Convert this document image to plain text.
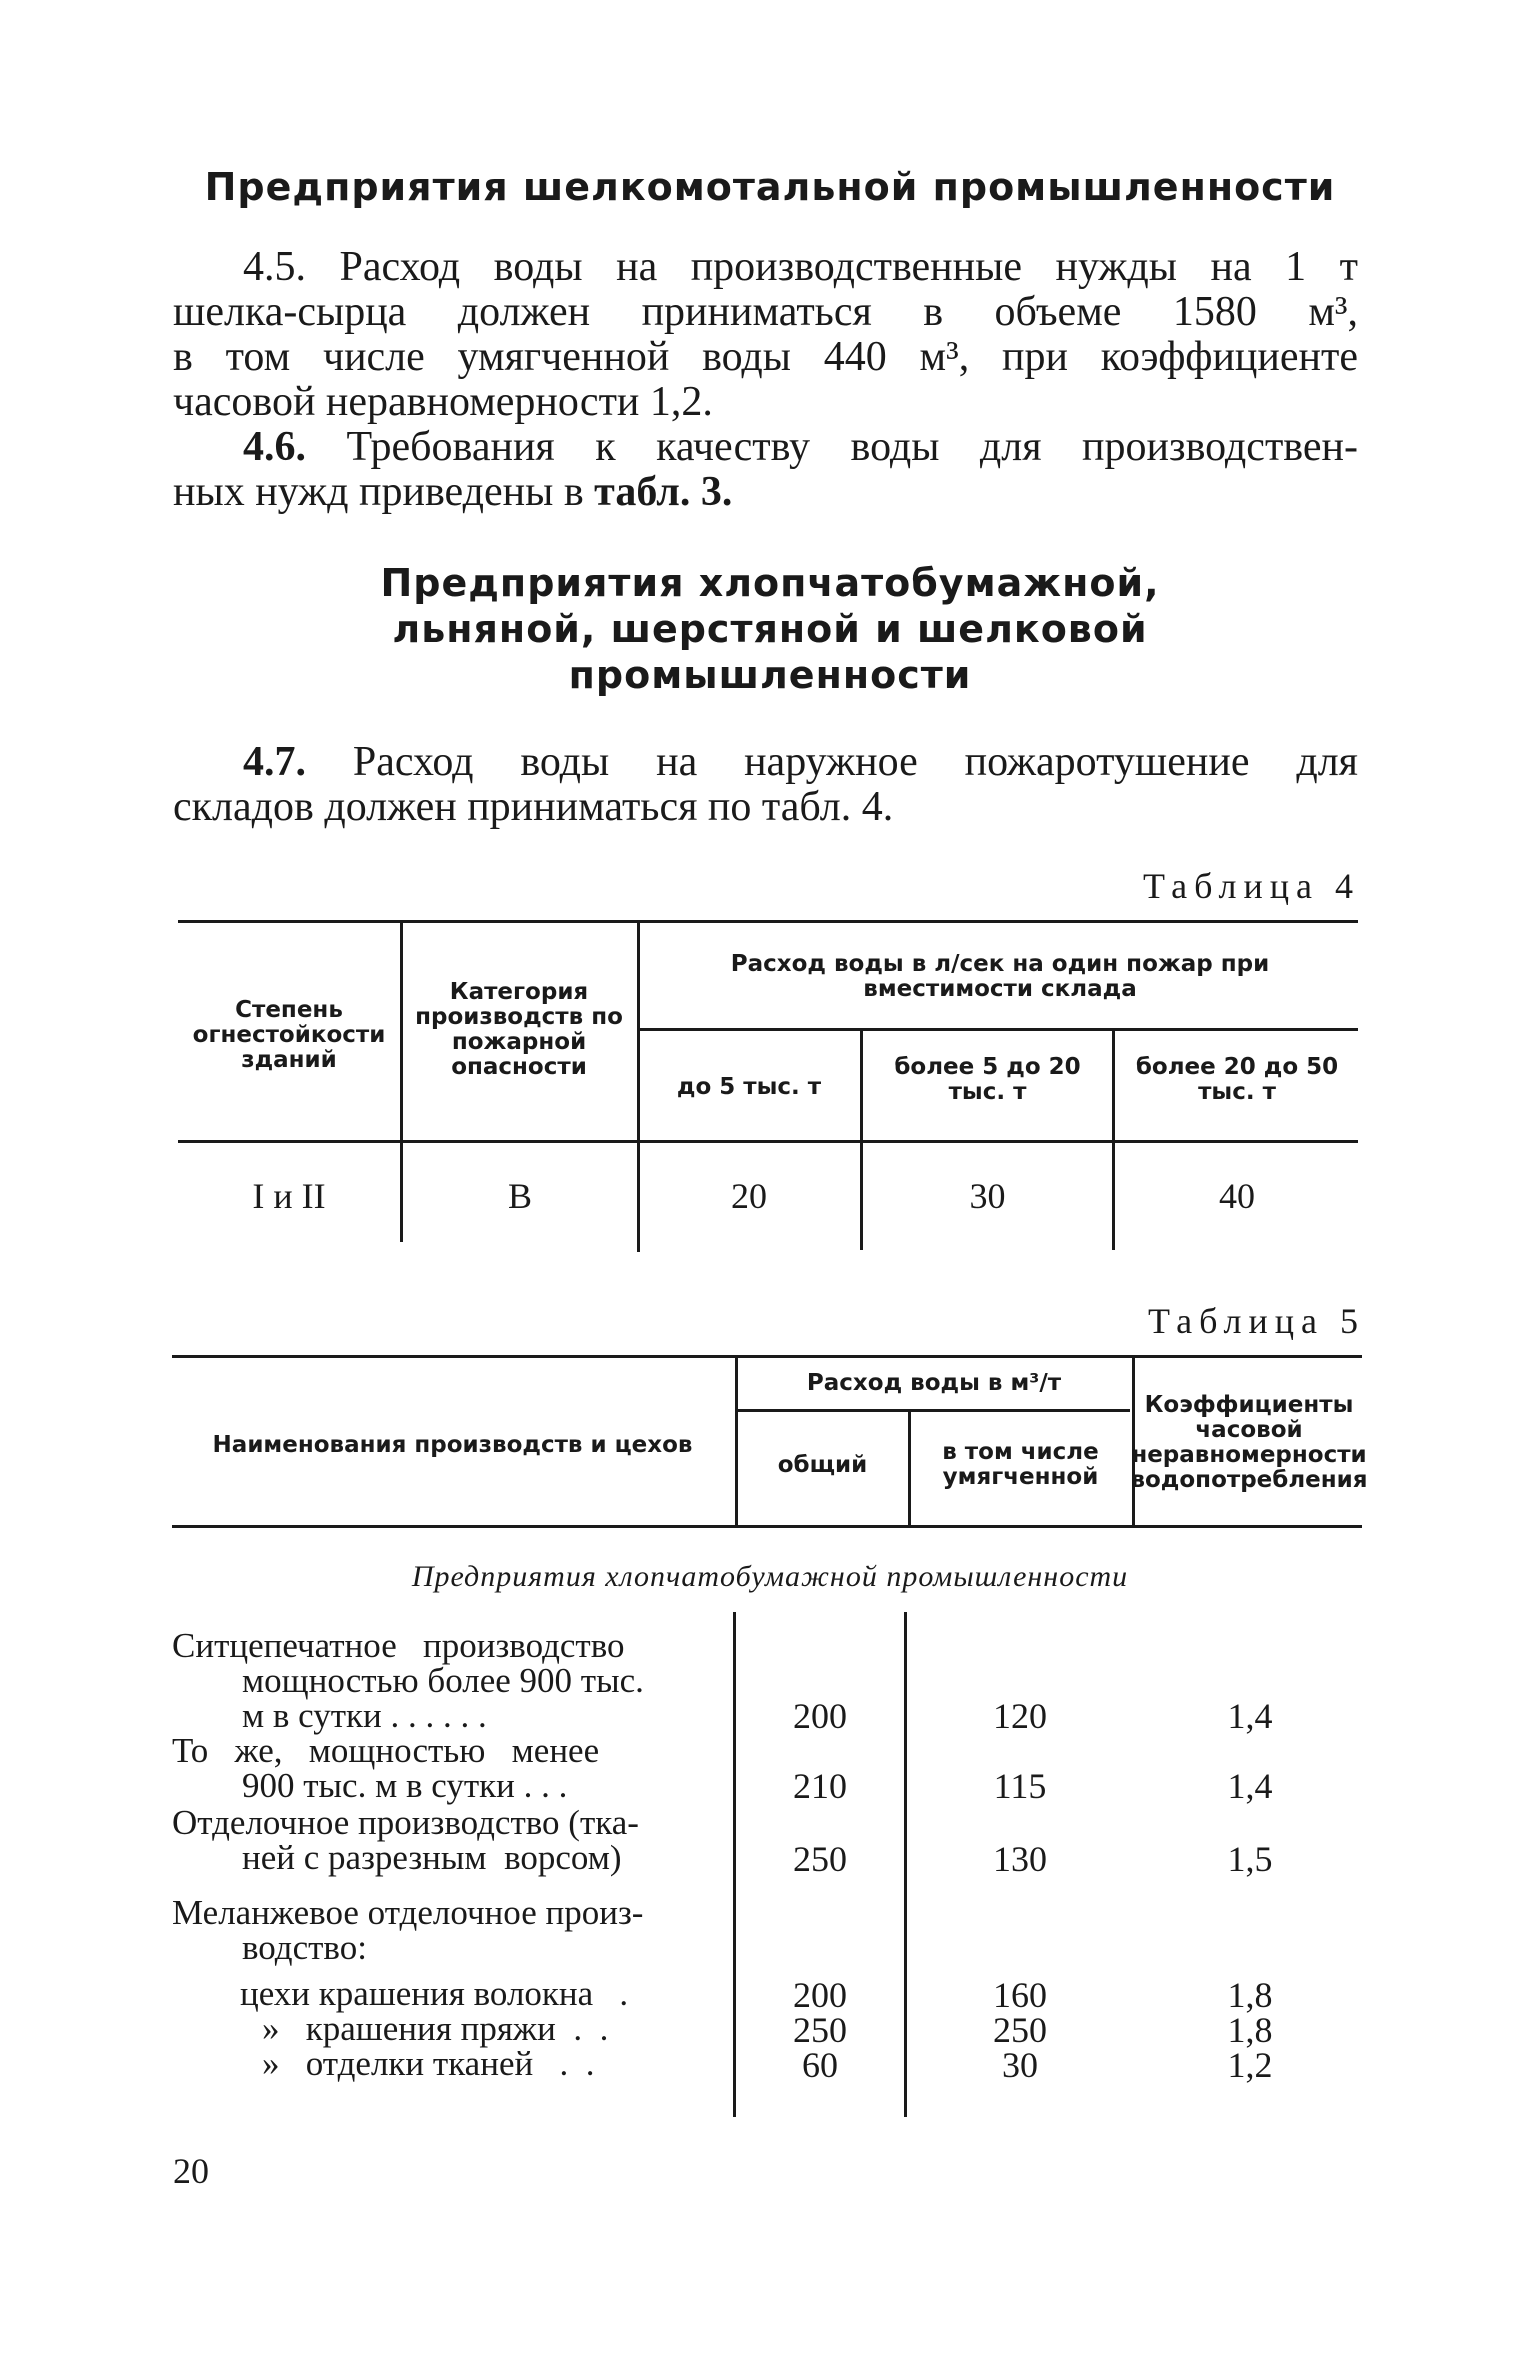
Предприятия шелкомотальной промышленности
4.5. Расход воды на производственные нужды на 1 т
шелка-сырца должен приниматься в объеме 1580 м³,
в том числе умягченной воды 440 м³, при коэффициенте
часовой неравномерности 1,2.
4.6. Требования к качеству воды для производствен-
ных нужд приведены в табл. 3.
Предприятия хлопчатобумажной,
льняной, шерстяной и шелковой
промышленности
4.7. Расход воды на наружное пожаротушение для
складов должен приниматься по табл. 4.
Таблица 4
Степень огнестойкости зданий
Категория производств по пожарной опасности
Расход воды в л/сек на один пожар при вместимости склада
до 5 тыс. т
более 5 до 20 тыс. т
более 20 до 50 тыс. т
I и II	В	20	30	40
Таблица 5
Наименования производств и цехов
Расход воды в м³/т
общий	в том числе умягченной
Коэффициенты часовой неравномерности водопотребления
Предприятия хлопчатобумажной промышленности
Ситцепечатное   производство
мощностью более 900 тыс.
м в сутки . . . . . .	200	120	1,4
То   же,   мощностью   менее
900 тыс. м в сутки . . .	210	115	1,4
Отделочное производство (тка-
ней с разрезным  ворсом)	250	130	1,5
Меланжевое отделочное произ-
водство:
цехи крашения волокна   .	200	160	1,8
»   крашения пряжи  .  .	250	250	1,8
»   отделки тканей   .  .	60	30	1,2
20
